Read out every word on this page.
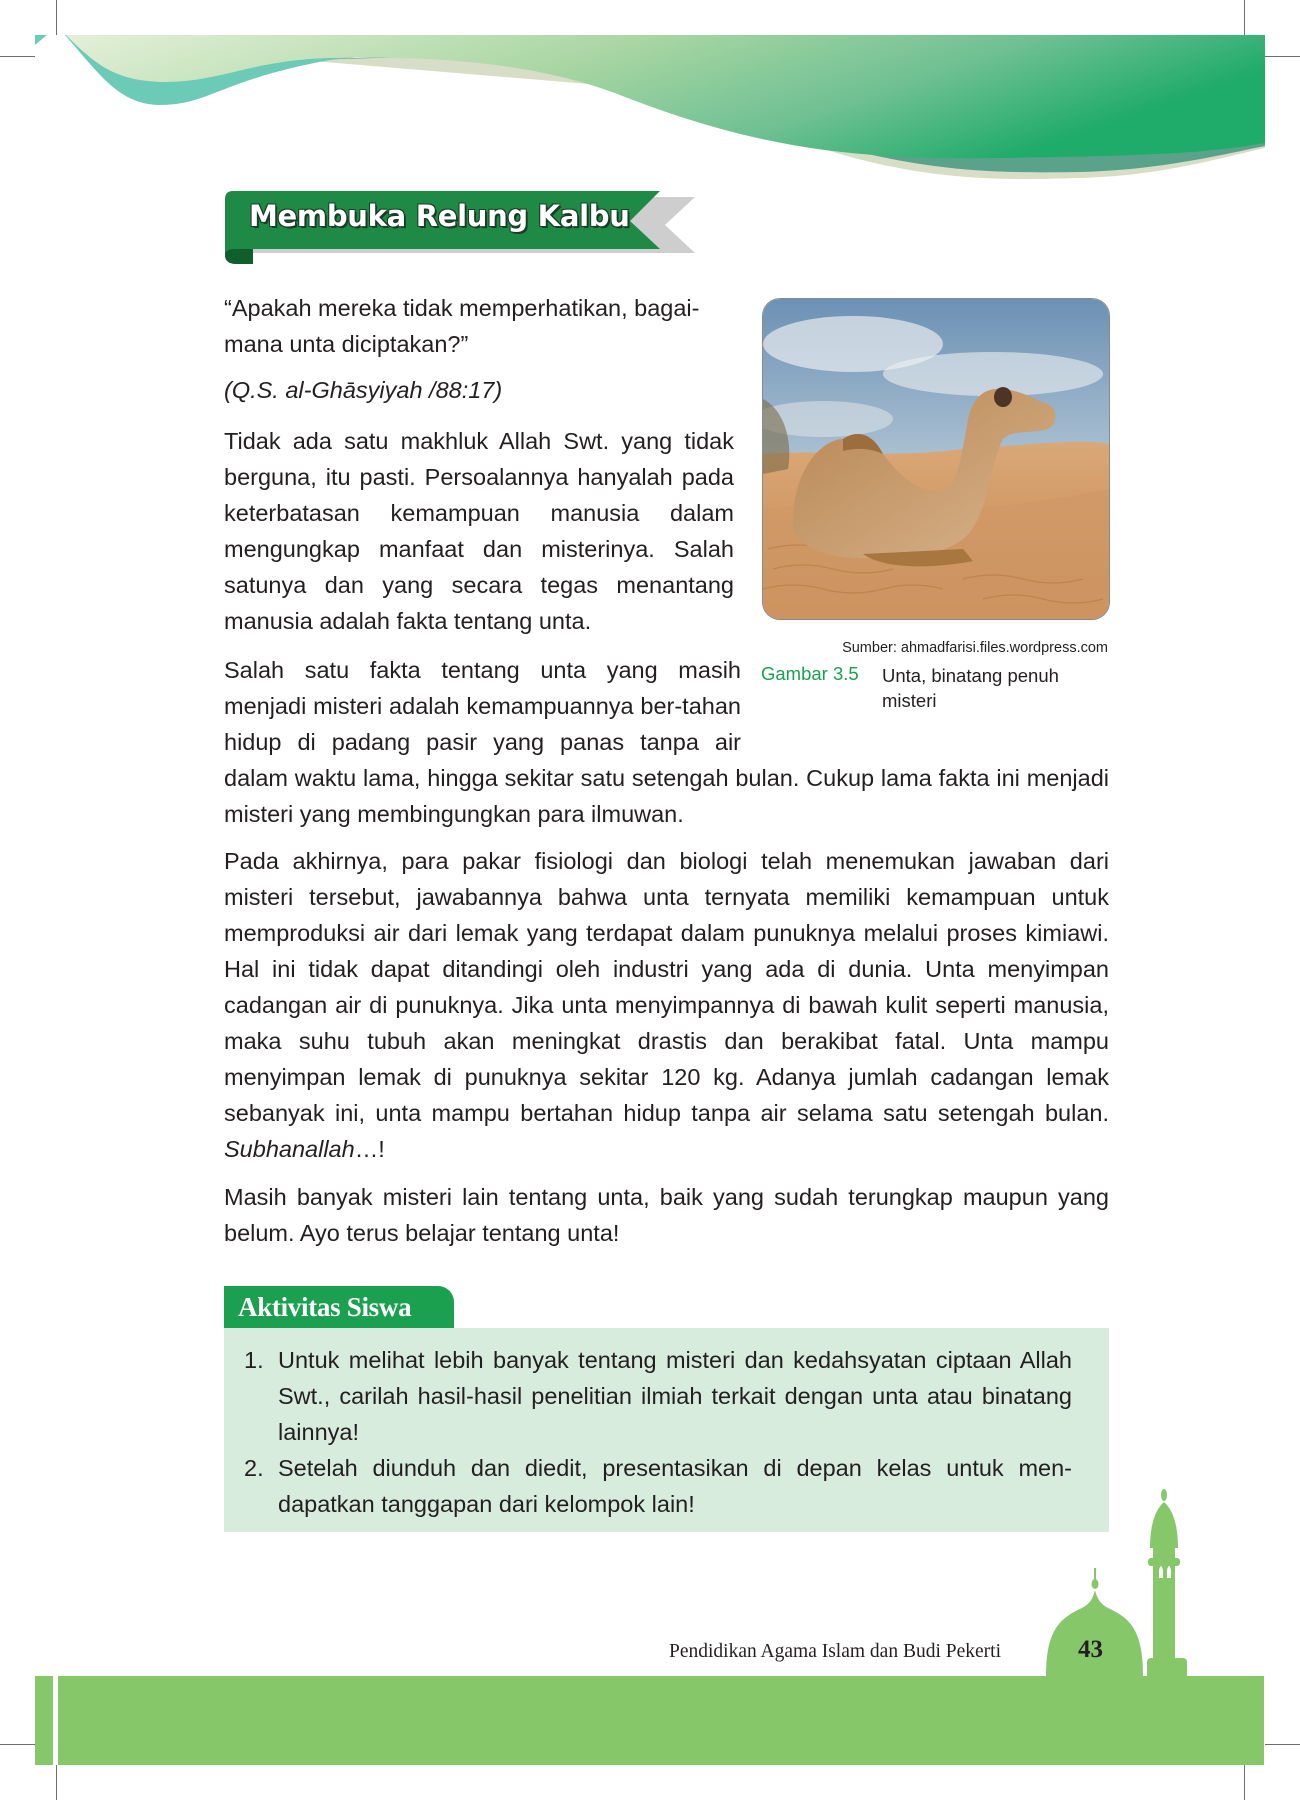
Membuka Relung Kalbu
“Apakah mereka tidak memperhatikan, bagai-mana unta diciptakan?”
(Q.S. al-Ghāsyiyah /88:17)
Tidak ada satu makhluk Allah Swt. yang tidak berguna, itu pasti. Persoalannya hanyalah pada keterbatasan kemampuan manusia dalam mengungkap manfaat dan misterinya. Salah satunya dan yang secara tegas menantang manusia adalah fakta tentang unta.
Salah satu fakta tentang unta yang masih menjadi misteri adalah kemampuannya ber-tahan hidup di padang pasir yang panas tanpa air dalam waktu lama, hingga sekitar satu setengah bulan. Cukup lama fakta ini menjadi misteri yang membingungkan para ilmuwan.
Sumber: ahmadfarisi.files.wordpress.com
Gambar 3.5 Unta, binatang penuh misteri
Pada akhirnya, para pakar fisiologi dan biologi telah menemukan jawaban dari misteri tersebut, jawabannya bahwa unta ternyata memiliki kemampuan untuk memproduksi air dari lemak yang terdapat dalam punuknya melalui proses kimiawi. Hal ini tidak dapat ditandingi oleh industri yang ada di dunia. Unta menyimpan cadangan air di punuknya. Jika unta menyimpannya di bawah kulit seperti manusia, maka suhu tubuh akan meningkat drastis dan berakibat fatal. Unta mampu menyimpan lemak di punuknya sekitar 120 kg. Adanya jumlah cadangan lemak sebanyak ini, unta mampu bertahan hidup tanpa air selama satu setengah bulan. Subhanallah…!
Masih banyak misteri lain tentang unta, baik yang sudah terungkap maupun yang belum. Ayo terus belajar tentang unta!
Aktivitas Siswa
1. Untuk melihat lebih banyak tentang misteri dan kedahsyatan ciptaan Allah Swt., carilah hasil-hasil penelitian ilmiah terkait dengan unta atau binatang lainnya!
2. Setelah diunduh dan diedit, presentasikan di depan kelas untuk men-dapatkan tanggapan dari kelompok lain!
Pendidikan Agama Islam dan Budi Pekerti	43
